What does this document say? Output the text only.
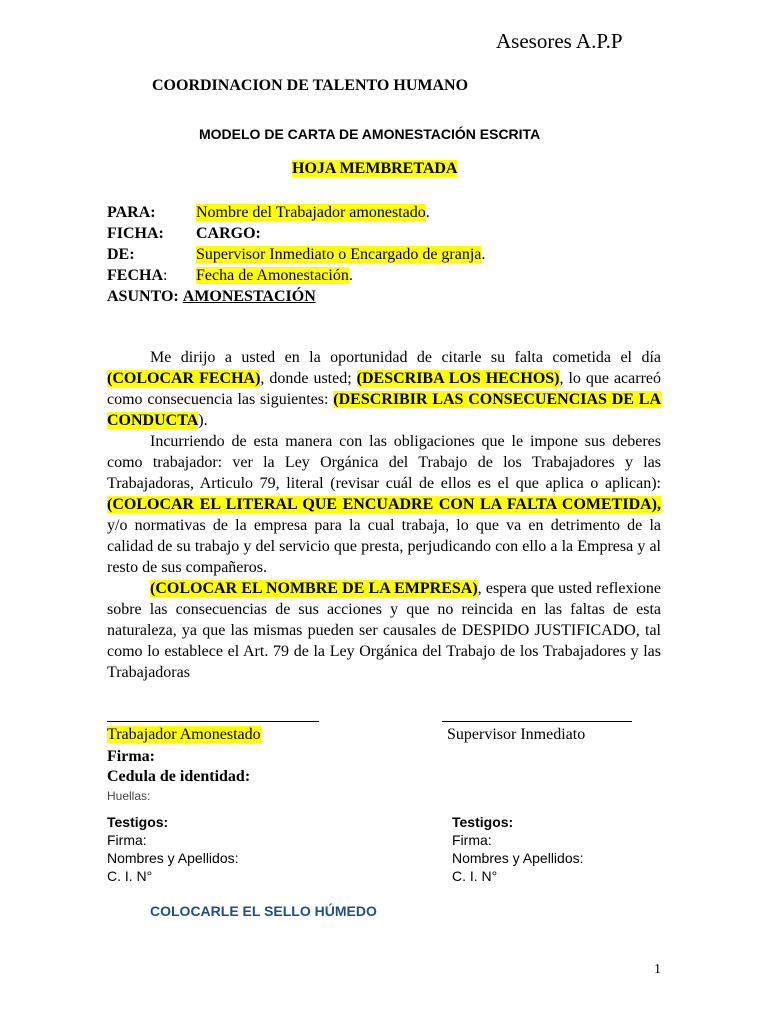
Asesores A.P.P
COORDINACION DE TALENTO HUMANO
MODELO DE CARTA DE AMONESTACIÓN ESCRITA
HOJA MEMBRETADA
PARA:	Nombre del Trabajador amonestado.
FICHA: CARGO:
DE:	Supervisor Inmediato o Encargado de granja.
FECHA: Fecha de Amonestación.
ASUNTO: AMONESTACIÓN

Me dirijo a usted en la oportunidad de citarle su falta cometida el día (COLOCAR FECHA), donde usted; (DESCRIBA LOS HECHOS), lo que acarreó como consecuencia las siguientes: (DESCRIBIR LAS CONSECUENCIAS DE LA CONDUCTA).

Incurriendo de esta manera con las obligaciones que le impone sus deberes como trabajador: ver la Ley Orgánica del Trabajo de los Trabajadores y las Trabajadoras, Articulo 79, literal (revisar cuál de ellos es el que aplica o aplican): (COLOCAR EL LITERAL QUE ENCUADRE CON LA FALTA COMETIDA), y/o normativas de la empresa para la cual trabaja, lo que va en detrimento de la calidad de su trabajo y del servicio que presta, perjudicando con ello a la Empresa y al resto de sus compañeros.

(COLOCAR EL NOMBRE DE LA EMPRESA), espera que usted reflexione sobre las consecuencias de sus acciones y que no reincida en las faltas de esta naturaleza, ya que las mismas pueden ser causales de DESPIDO JUSTIFICADO, tal como lo establece el Art. 79 de la Ley Orgánica del Trabajo de los Trabajadores y las Trabajadoras

Trabajador Amonestado	Supervisor Inmediato
Firma:
Cedula de identidad:
Huellas:
Testigos:
Firma:
Nombres y Apellidos:
C. I. N°
Testigos:
Firma:
Nombres y Apellidos:
C. I. N°
COLOCARLE EL SELLO HÚMEDO
1
